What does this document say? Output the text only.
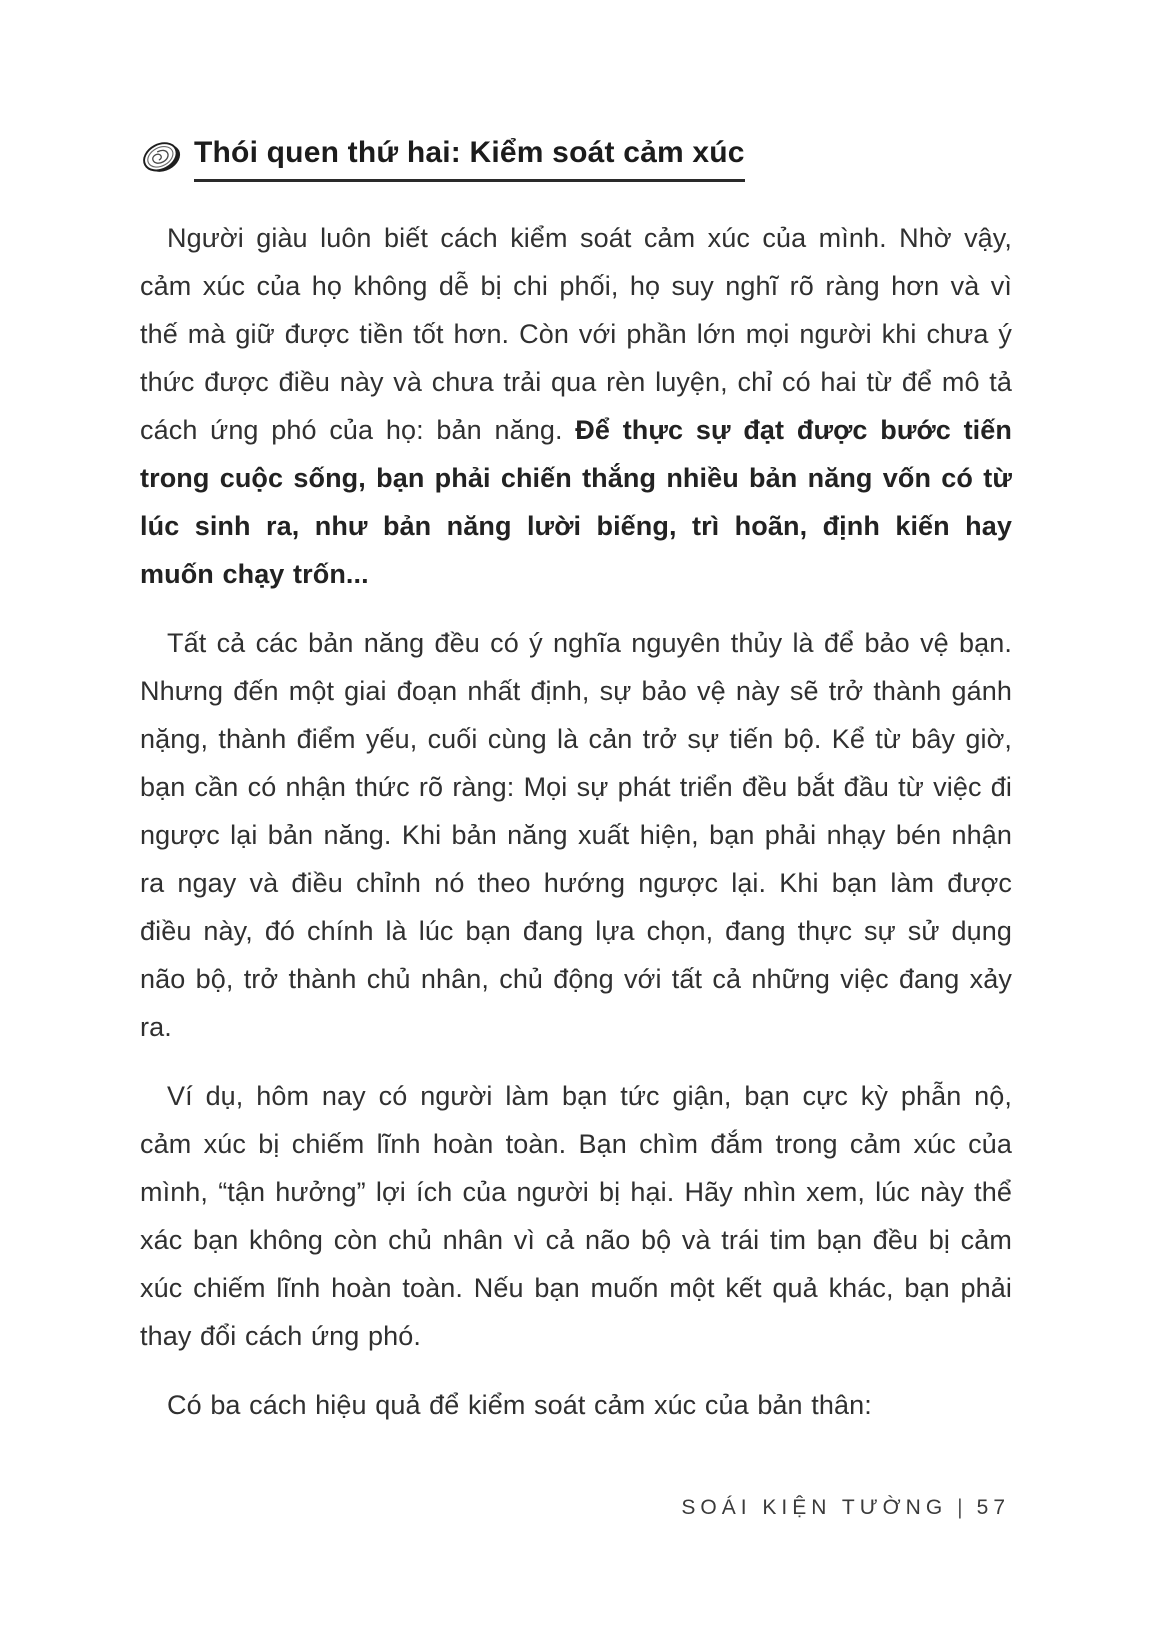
Thói quen thứ hai: Kiểm soát cảm xúc

Người giàu luôn biết cách kiểm soát cảm xúc của mình. Nhờ vậy, cảm xúc của họ không dễ bị chi phối, họ suy nghĩ rõ ràng hơn và vì thế mà giữ được tiền tốt hơn. Còn với phần lớn mọi người khi chưa ý thức được điều này và chưa trải qua rèn luyện, chỉ có hai từ để mô tả cách ứng phó của họ: bản năng. Để thực sự đạt được bước tiến trong cuộc sống, bạn phải chiến thắng nhiều bản năng vốn có từ lúc sinh ra, như bản năng lười biếng, trì hoãn, định kiến hay muốn chạy trốn...

Tất cả các bản năng đều có ý nghĩa nguyên thủy là để bảo vệ bạn. Nhưng đến một giai đoạn nhất định, sự bảo vệ này sẽ trở thành gánh nặng, thành điểm yếu, cuối cùng là cản trở sự tiến bộ. Kể từ bây giờ, bạn cần có nhận thức rõ ràng: Mọi sự phát triển đều bắt đầu từ việc đi ngược lại bản năng. Khi bản năng xuất hiện, bạn phải nhạy bén nhận ra ngay và điều chỉnh nó theo hướng ngược lại. Khi bạn làm được điều này, đó chính là lúc bạn đang lựa chọn, đang thực sự sử dụng não bộ, trở thành chủ nhân, chủ động với tất cả những việc đang xảy ra.

Ví dụ, hôm nay có người làm bạn tức giận, bạn cực kỳ phẫn nộ, cảm xúc bị chiếm lĩnh hoàn toàn. Bạn chìm đắm trong cảm xúc của mình, “tận hưởng” lợi ích của người bị hại. Hãy nhìn xem, lúc này thể xác bạn không còn chủ nhân vì cả não bộ và trái tim bạn đều bị cảm xúc chiếm lĩnh hoàn toàn. Nếu bạn muốn một kết quả khác, bạn phải thay đổi cách ứng phó.

Có ba cách hiệu quả để kiểm soát cảm xúc của bản thân:

SOÁI KIỆN TƯỜNG | 57
